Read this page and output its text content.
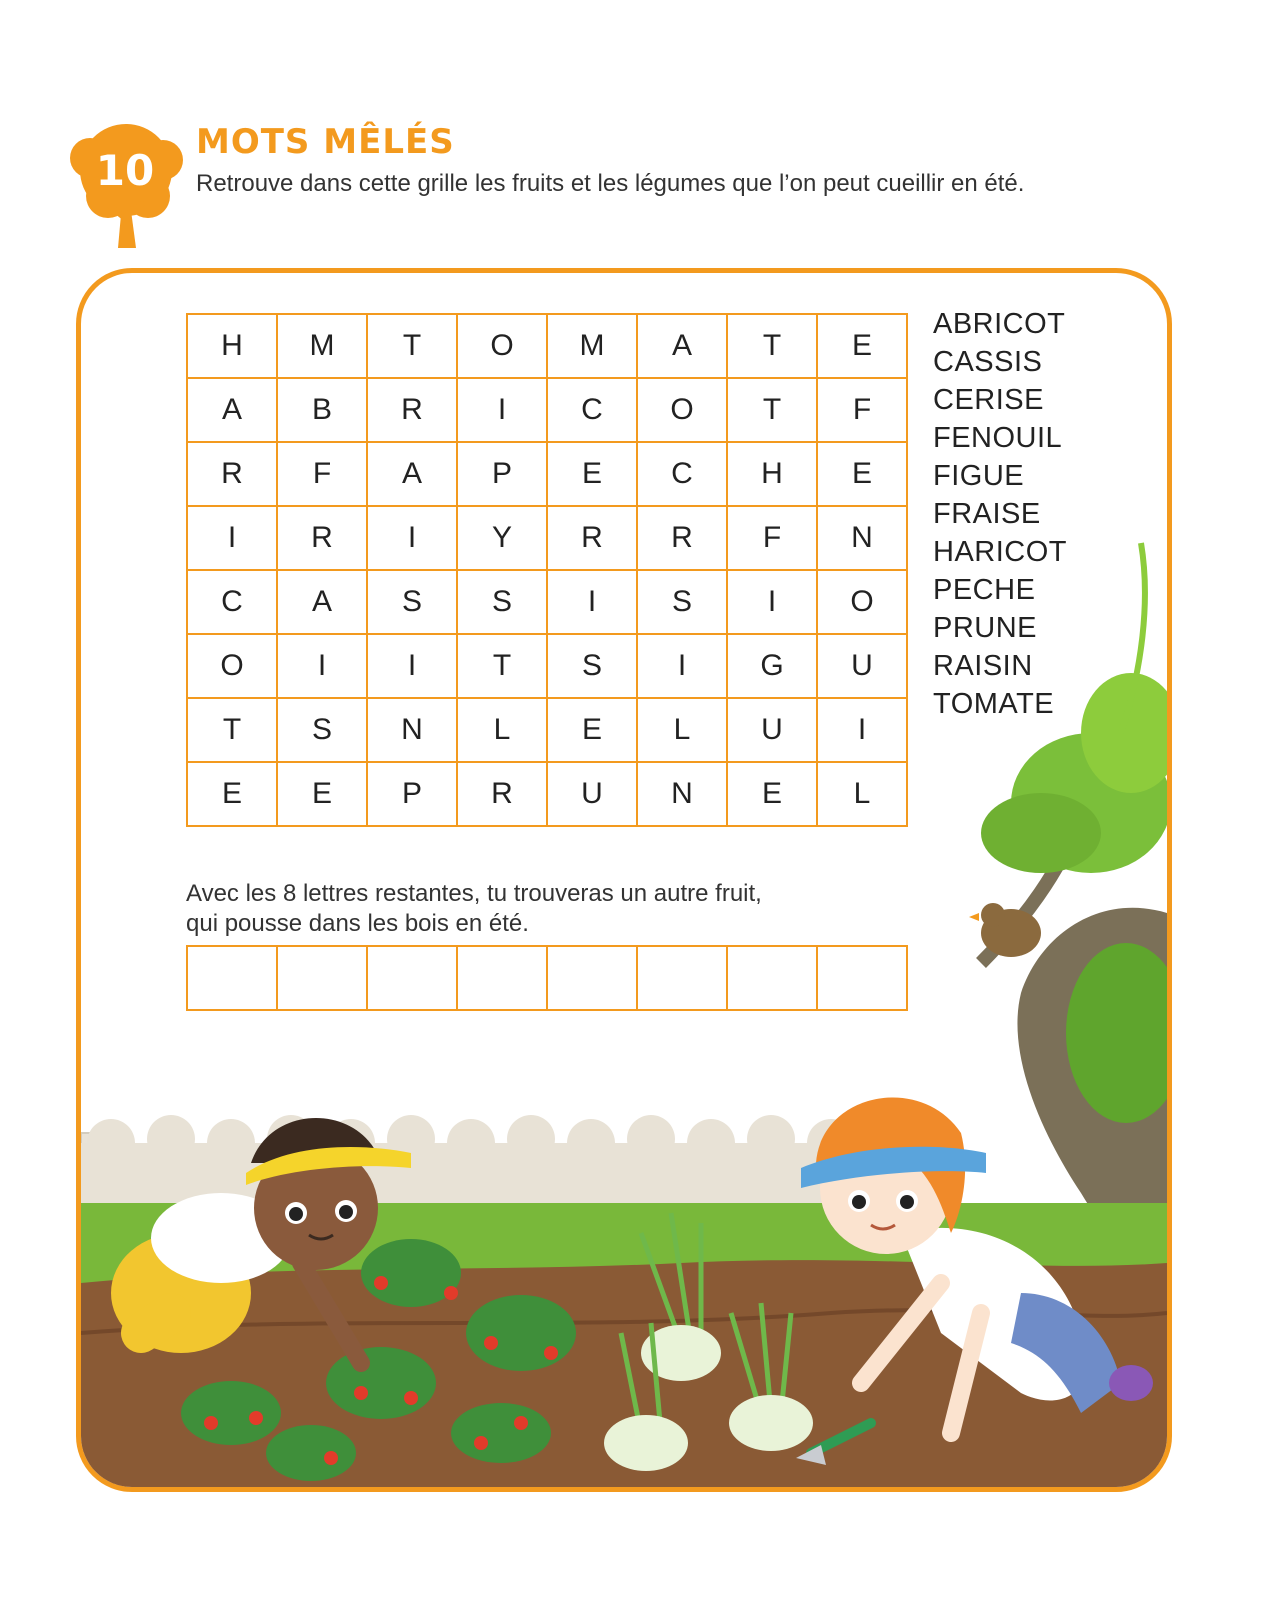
10
MOTS MÊLÉS

Retrouve dans cette grille les fruits et les légumes que l’on peut cueillir en été.

H	M	T	O	M	A	T	E
A	B	R	I	C	O	T	F
R	F	A	P	E	C	H	E
I	R	I	Y	R	R	F	N
C	A	S	S	I	S	I	O
O	I	I	T	S	I	G	U
T	S	N	L	E	L	U	I
E	E	P	R	U	N	E	L
ABRICOT
CASSIS
CERISE
FENOUIL
FIGUE
FRAISE
HARICOT
PECHE
PRUNE
RAISIN
TOMATE

Avec les 8 lettres restantes, tu trouveras un autre fruit,
qui pousse dans les bois en été.
